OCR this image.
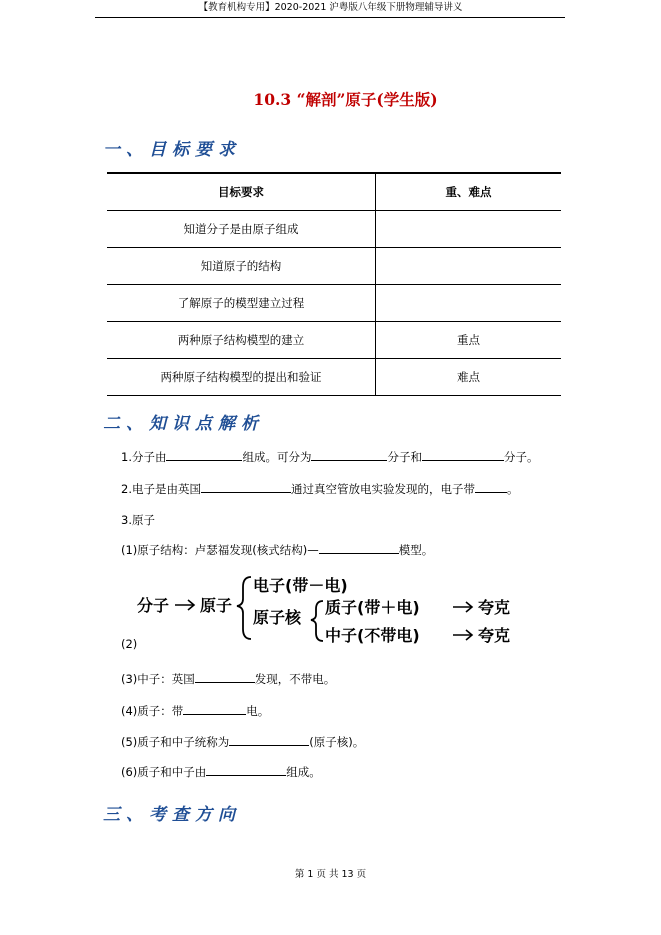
【教育机构专用】2020-2021 沪粤版八年级下册物理辅导讲义
10.3 “解剖”原子(学生版)
一、目标要求
目标要求	重、难点
知道分子是由原子组成	
知道原子的结构	
了解原子的模型建立过程	
两种原子结构模型的建立	重点
两种原子结构模型的提出和验证	难点
二、知识点解析
1.分子由	组成。可分为	分子和	分子。
2.电子是由英国	通过真空管放电实验发现的，电子带	。
3.原子
(1)原子结构：卢瑟福发现(核式结构)—	模型。
分子 原子
电子(带－电)
原子核
质子(带＋电)
中子(不带电)
夸克
夸克
(2)
(3)中子：英国	发现，不带电。
(4)质子：带	电。
(5)质子和中子统称为	(原子核)。
(6)质子和中子由	组成。
三、考查方向
第 1 页 共 13 页
